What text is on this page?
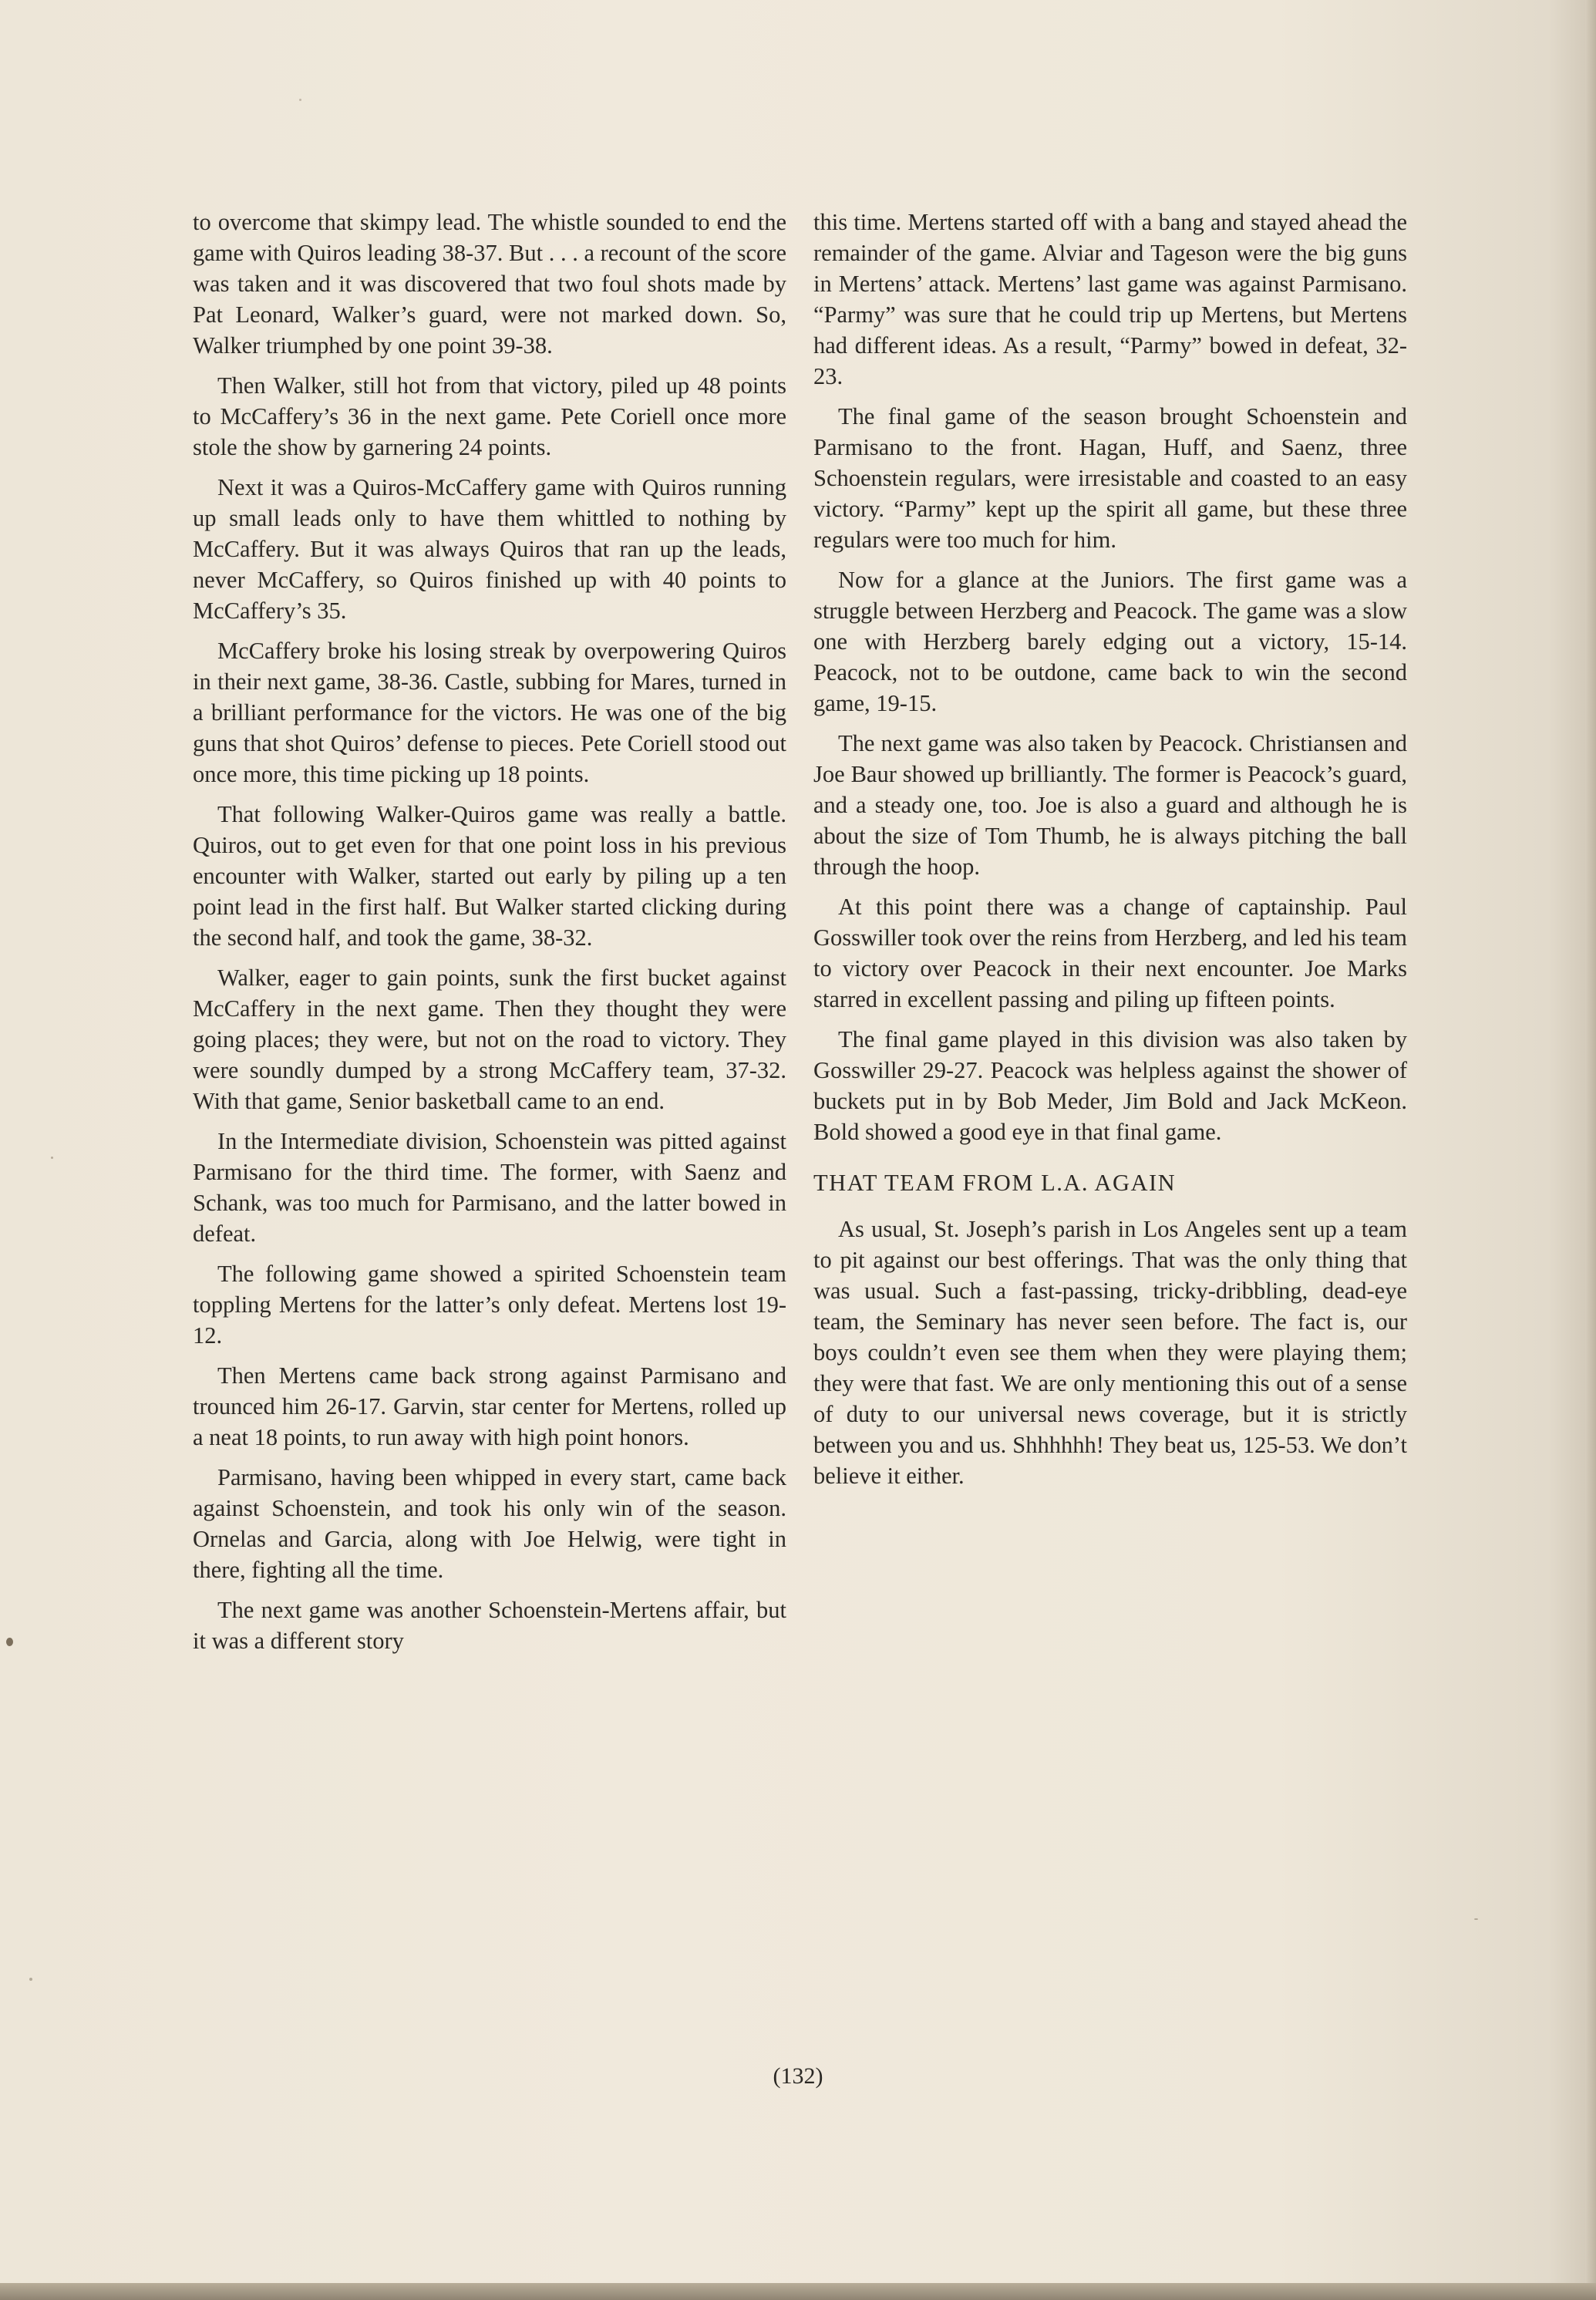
to overcome that skimpy lead. The whistle sounded to end the game with Quiros leading 38-37. But . . . a recount of the score was taken and it was discovered that two foul shots made by Pat Leonard, Walker’s guard, were not marked down. So, Walker triumphed by one point 39-38.

Then Walker, still hot from that victory, piled up 48 points to McCaffery’s 36 in the next game. Pete Coriell once more stole the show by garnering 24 points.

Next it was a Quiros-McCaffery game with Quiros running up small leads only to have them whittled to nothing by McCaffery. But it was always Quiros that ran up the leads, never McCaffery, so Quiros finished up with 40 points to McCaffery’s 35.

McCaffery broke his losing streak by overpowering Quiros in their next game, 38-36. Castle, subbing for Mares, turned in a brilliant performance for the victors. He was one of the big guns that shot Quiros’ defense to pieces. Pete Coriell stood out once more, this time picking up 18 points.

That following Walker-Quiros game was really a battle. Quiros, out to get even for that one point loss in his previous encounter with Walker, started out early by piling up a ten point lead in the first half. But Walker started clicking during the second half, and took the game, 38-32.

Walker, eager to gain points, sunk the first bucket against McCaffery in the next game. Then they thought they were going places; they were, but not on the road to victory. They were soundly dumped by a strong McCaffery team, 37-32. With that game, Senior basketball came to an end.

In the Intermediate division, Schoenstein was pitted against Parmisano for the third time. The former, with Saenz and Schank, was too much for Parmisano, and the latter bowed in defeat.

The following game showed a spirited Schoenstein team toppling Mertens for the latter’s only defeat. Mertens lost 19-12.

Then Mertens came back strong against Parmisano and trounced him 26-17. Garvin, star center for Mertens, rolled up a neat 18 points, to run away with high point honors.

Parmisano, having been whipped in every start, came back against Schoenstein, and took his only win of the season. Ornelas and Garcia, along with Joe Helwig, were tight in there, fighting all the time.

The next game was another Schoenstein-Mertens affair, but it was a different story

this time. Mertens started off with a bang and stayed ahead the remainder of the game. Alviar and Tageson were the big guns in Mertens’ attack. Mertens’ last game was against Parmisano. “Parmy” was sure that he could trip up Mertens, but Mertens had different ideas. As a result, “Parmy” bowed in defeat, 32-23.

The final game of the season brought Schoenstein and Parmisano to the front. Hagan, Huff, and Saenz, three Schoenstein regulars, were irresistable and coasted to an easy victory. “Parmy” kept up the spirit all game, but these three regulars were too much for him.

Now for a glance at the Juniors. The first game was a struggle between Herzberg and Peacock. The game was a slow one with Herzberg barely edging out a victory, 15-14. Peacock, not to be outdone, came back to win the second game, 19-15.

The next game was also taken by Peacock. Christiansen and Joe Baur showed up brilliantly. The former is Peacock’s guard, and a steady one, too. Joe is also a guard and although he is about the size of Tom Thumb, he is always pitching the ball through the hoop.

At this point there was a change of captainship. Paul Gosswiller took over the reins from Herzberg, and led his team to victory over Peacock in their next encounter. Joe Marks starred in excellent passing and piling up fifteen points.

The final game played in this division was also taken by Gosswiller 29-27. Peacock was helpless against the shower of buckets put in by Bob Meder, Jim Bold and Jack McKeon. Bold showed a good eye in that final game.

THAT TEAM FROM L.A. AGAIN

As usual, St. Joseph’s parish in Los Angeles sent up a team to pit against our best offerings. That was the only thing that was usual. Such a fast-passing, tricky-dribbling, dead-eye team, the Seminary has never seen before. The fact is, our boys couldn’t even see them when they were playing them; they were that fast. We are only mentioning this out of a sense of duty to our universal news coverage, but it is strictly between you and us. Shhhhhh! They beat us, 125-53. We don’t believe it either.

(132)
